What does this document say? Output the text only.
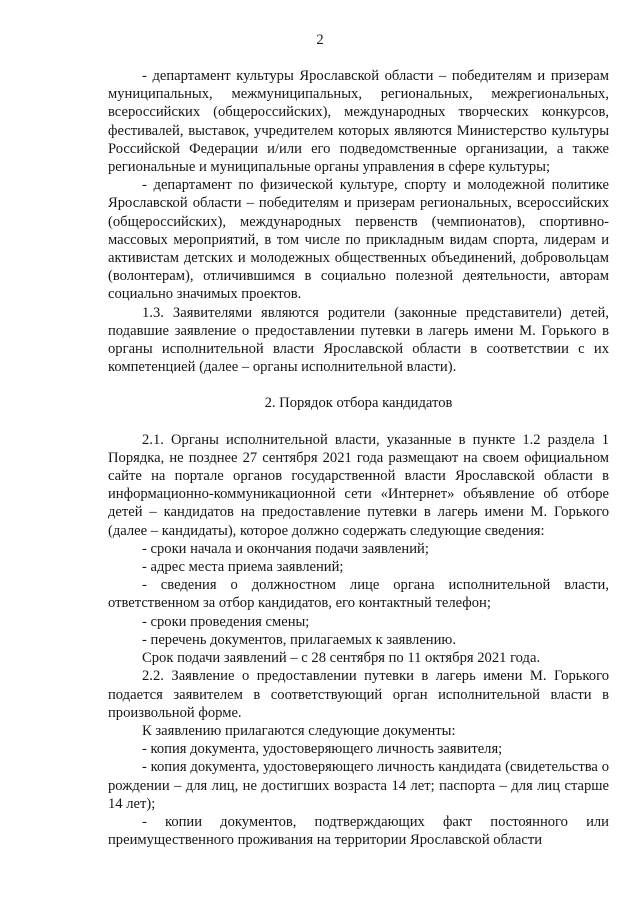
2

- департамент культуры Ярославской области – победителям и призерам муниципальных, межмуниципальных, региональных, межрегиональных, всероссийских (общероссийских), международных творческих конкурсов, фестивалей, выставок, учредителем которых являются Министерство культуры Российской Федерации и/или его подведомственные организации, а также региональные и муниципальные органы управления в сфере культуры;

- департамент по физической культуре, спорту и молодежной политике Ярославской области – победителям и призерам региональных, всероссийских (общероссийских), международных первенств (чемпионатов), спортивно-массовых мероприятий, в том числе по прикладным видам спорта, лидерам и активистам детских и молодежных общественных объединений, добровольцам (волонтерам), отличившимся в социально полезной деятельности, авторам социально значимых проектов.

1.3. Заявителями являются родители (законные представители) детей, подавшие заявление о предоставлении путевки в лагерь имени М. Горького в органы исполнительной власти Ярославской области в соответствии с их компетенцией (далее – органы исполнительной власти).

2. Порядок отбора кандидатов

2.1. Органы исполнительной власти, указанные в пункте 1.2 раздела 1 Порядка, не позднее 27 сентября 2021 года размещают на своем официальном сайте на портале органов государственной власти Ярославской области в информационно-коммуникационной сети «Интернет» объявление об отборе детей – кандидатов на предоставление путевки в лагерь имени М. Горького (далее – кандидаты), которое должно содержать следующие сведения:

- сроки начала и окончания подачи заявлений;

- адрес места приема заявлений;

- сведения о должностном лице органа исполнительной власти, ответственном за отбор кандидатов, его контактный телефон;

- сроки проведения смены;

- перечень документов, прилагаемых к заявлению.

Срок подачи заявлений – с 28 сентября по 11 октября 2021 года.

2.2. Заявление о предоставлении путевки в лагерь имени М. Горького подается заявителем в соответствующий орган исполнительной власти в произвольной форме.

К заявлению прилагаются следующие документы:

- копия документа, удостоверяющего личность заявителя;

- копия документа, удостоверяющего личность кандидата (свидетельства о рождении – для лиц, не достигших возраста 14 лет; паспорта – для лиц старше 14 лет);

- копии документов, подтверждающих факт постоянного или преимущественного проживания на территории Ярославской области
